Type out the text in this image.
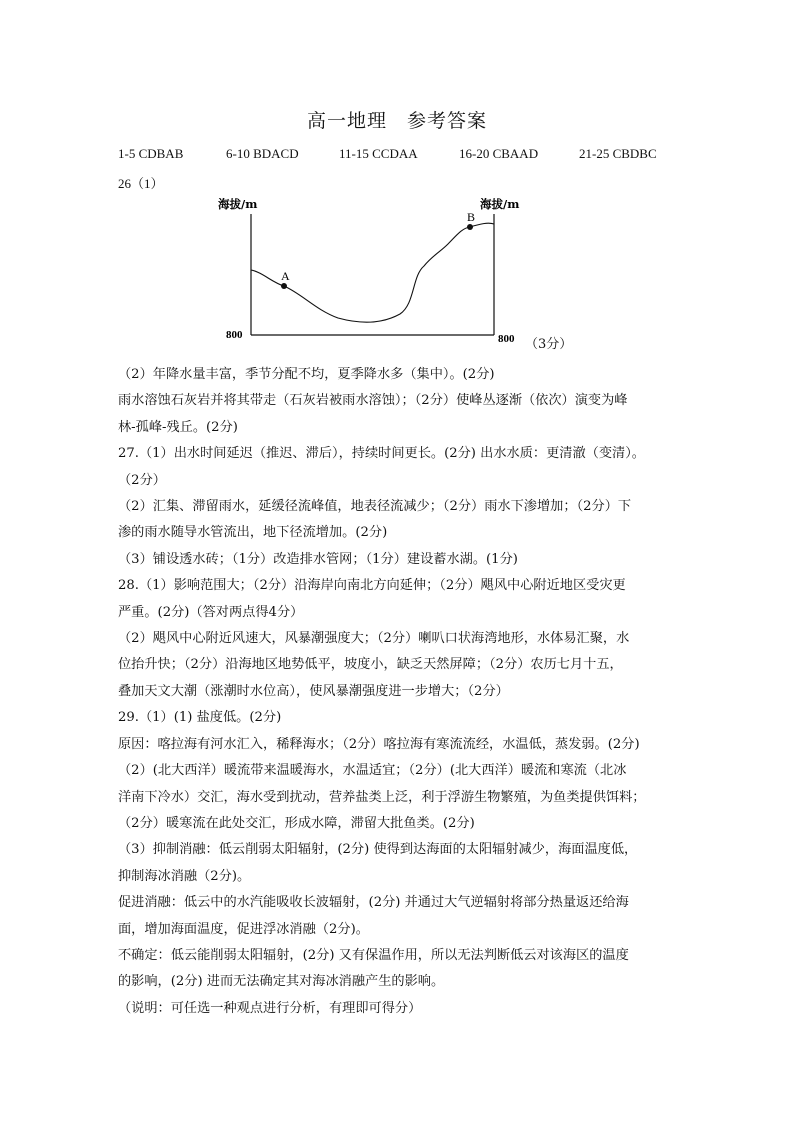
高一地理　参考答案
1-5 CDBAB	6-10 BDACD	11-15 CCDAA	16-20 CBAAD	21-25 CBDBC
26（1）
海拔/m	海拔/m
800	800
A
B
（3分）

（2）年降水量丰富，季节分配不均，夏季降水多（集中）。(2分)

雨水溶蚀石灰岩并将其带走（石灰岩被雨水溶蚀）；（2分）使峰丛逐渐（依次）演变为峰

林-孤峰-残丘。(2分)

27.（1）出水时间延迟（推迟、滞后），持续时间更长。(2分) 出水水质：更清澈（变清）。

（2分）

（2）汇集、滞留雨水，延缓径流峰值，地表径流减少；（2分）雨水下渗增加；（2分）下

渗的雨水随导水管流出，地下径流增加。(2分)

（3）铺设透水砖；（1分）改造排水管网；（1分）建设蓄水湖。(1分)

28.（1）影响范围大；（2分）沿海岸向南北方向延伸；（2分）飓风中心附近地区受灾更

严重。(2分)（答对两点得4分）

（2）飓风中心附近风速大，风暴潮强度大；（2分）喇叭口状海湾地形，水体易汇聚，水

位抬升快；（2分）沿海地区地势低平，坡度小，缺乏天然屏障；（2分）农历七月十五，

叠加天文大潮（涨潮时水位高），使风暴潮强度进一步增大；（2分）

29.（1）(1) 盐度低。(2分)

原因：喀拉海有河水汇入，稀释海水；（2分）喀拉海有寒流流经，水温低，蒸发弱。(2分)

（2）(北大西洋）暖流带来温暖海水，水温适宜；（2分）(北大西洋）暖流和寒流（北冰

洋南下冷水）交汇，海水受到扰动，营养盐类上泛，利于浮游生物繁殖，为鱼类提供饵料；

（2分）暖寒流在此处交汇，形成水障，滞留大批鱼类。(2分)

（3）抑制消融：低云削弱太阳辐射，(2分) 使得到达海面的太阳辐射减少，海面温度低，

抑制海冰消融（2分)。

促进消融：低云中的水汽能吸收长波辐射，(2分) 并通过大气逆辐射将部分热量返还给海

面，增加海面温度，促进浮冰消融（2分)。

不确定：低云能削弱太阳辐射，(2分) 又有保温作用，所以无法判断低云对该海区的温度

的影响，(2分) 进而无法确定其对海冰消融产生的影响。

（说明：可任选一种观点进行分析，有理即可得分）
